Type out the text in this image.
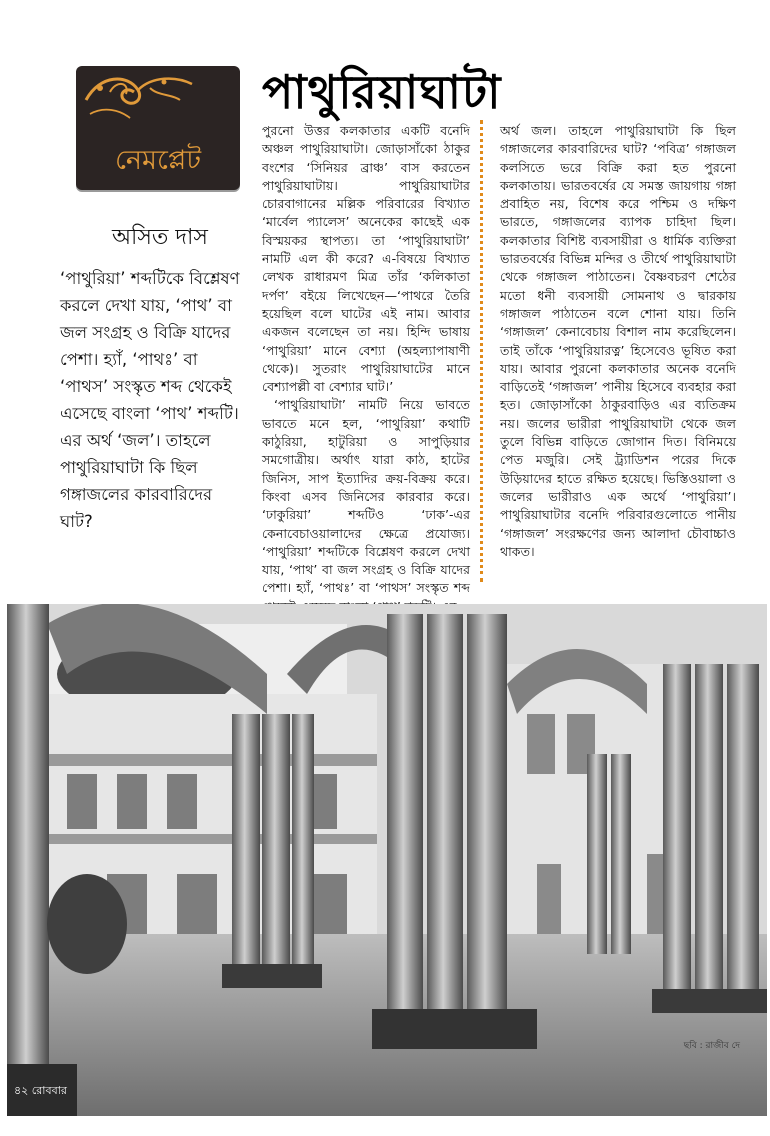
নেমপ্লেট
পাথুরিয়াঘাটা
অসিত দাস
‘পাথুরিয়া’ শব্দটিকে বিশ্লেষণ করলে দেখা যায়, ‘পাথ’ বা জল সংগ্রহ ও বিক্রি যাদের পেশা। হ্যাঁ, ‘পাথঃ’ বা ‘পাথস’ সংস্কৃত শব্দ থেকেই এসেছে বাংলা ‘পাথ’ শব্দটি। এর অর্থ ‘জল’। তাহলে পাথুরিয়াঘাটা কি ছিল গঙ্গাজলের কারবারিদের ঘাট?

পুরনো উত্তর কলকাতার একটি বনেদি অঞ্চল পাথুরিয়াঘাটা। জোড়াসাঁকো ঠাকুর বংশের ‘সিনিয়র ব্রাঞ্চ’ বাস করতেন পাথুরিয়াঘাটায়। পাথুরিয়াঘাটার চোরবাগানের মল্লিক পরিবারের বিখ্যাত ‘মার্বেল প্যালেস’ অনেকের কাছেই এক বিস্ময়কর স্থাপত্য। তা ‘পাথুরিয়াঘাটা’ নামটি এল কী করে? এ-বিষয়ে বিখ্যাত লেখক রাধারমণ মিত্র তাঁর ‘কলিকাতা দর্পণ’ বইয়ে লিখেছেন—‘পাথরে তৈরি হয়েছিল বলে ঘাটের এই নাম। আবার একজন বলেছেন তা নয়। হিন্দি ভাষায় ‘পাথুরিয়া’ মানে বেশ্যা (অহল্যাপাষাণী থেকে)। সুতরাং পাথুরিয়াঘাটের মানে বেশ্যাপল্লী বা বেশ্যার ঘাট।’

‘পাথুরিয়াঘাটা’ নামটি নিয়ে ভাবতে ভাবতে মনে হল, ‘পাথুরিয়া’ কথাটি কাঠুরিয়া, হাটুরিয়া ও সাপুড়িয়ার সমগোত্রীয়। অর্থাৎ যারা কাঠ, হাটের জিনিস, সাপ ইত্যাদির ক্রয়-বিক্রয় করে। কিংবা এসব জিনিসের কারবার করে। ‘ঢাকুরিয়া’ শব্দটিও ‘ঢাক’-এর কেনাবেচাওয়ালাদের ক্ষেত্রে প্রযোজ্য। ‘পাথুরিয়া’ শব্দটিকে বিশ্লেষণ করলে দেখা যায়, ‘পাথ’ বা জল সংগ্রহ ও বিক্রি যাদের পেশা। হ্যাঁ, ‘পাথঃ’ বা ‘পাথস’ সংস্কৃত শব্দ

অর্থ জল। তাহলে পাথুরিয়াঘাটা কি ছিল গঙ্গাজলের কারবারিদের ঘাট? ‘পবিত্র’ গঙ্গাজল কলসিতে ভরে বিক্রি করা হত পুরনো কলকাতায়। ভারতবর্ষের যে সমস্ত জায়গায় গঙ্গা প্রবাহিত নয়, বিশেষ করে পশ্চিম ও দক্ষিণ ভারতে, গঙ্গাজলের ব্যাপক চাহিদা ছিল। কলকাতার বিশিষ্ট ব্যবসায়ীরা ও ধার্মিক ব্যক্তিরা ভারতবর্ষের বিভিন্ন মন্দির ও তীর্থে পাথুরিয়াঘাটা থেকে গঙ্গাজল পাঠাতেন। বৈষ্ণবচরণ শেঠের মতো ধনী ব্যবসায়ী সোমনাথ ও দ্বারকায় গঙ্গাজল পাঠাতেন বলে শোনা যায়। তিনি ‘গঙ্গাজল’ কেনাবেচায় বিশাল নাম করেছিলেন। তাই তাঁকে ‘পাথুরিয়ারত্ন’ হিসেবেও ভূষিত করা যায়। আবার পুরনো কলকাতার অনেক বনেদি বাড়িতেই ‘গঙ্গাজল’ পানীয় হিসেবে ব্যবহার করা হত। জোড়াসাঁকো ঠাকুরবাড়িও এর ব্যতিক্রম নয়। জলের ভারীরা পাথুরিয়াঘাটা থেকে জল তুলে বিভিন্ন বাড়িতে জোগান দিত। বিনিময়ে পেত মজুরি। সেই ট্র্যাডিশন পরের দিকে উড়িয়াদের হাতে রক্ষিত হয়েছে। ভিস্তিওয়ালা ও জলের ভারীরাও এক অর্থে ‘পাথুরিয়া’। পাথুরিয়াঘাটার বনেদি পরিবারগুলোতে পানীয় ‘গঙ্গাজল’ সংরক্ষণের জন্য আলাদা চৌবাচ্চাও থাকত।

ছবি : রাজীব দে
৪২ রোববার
